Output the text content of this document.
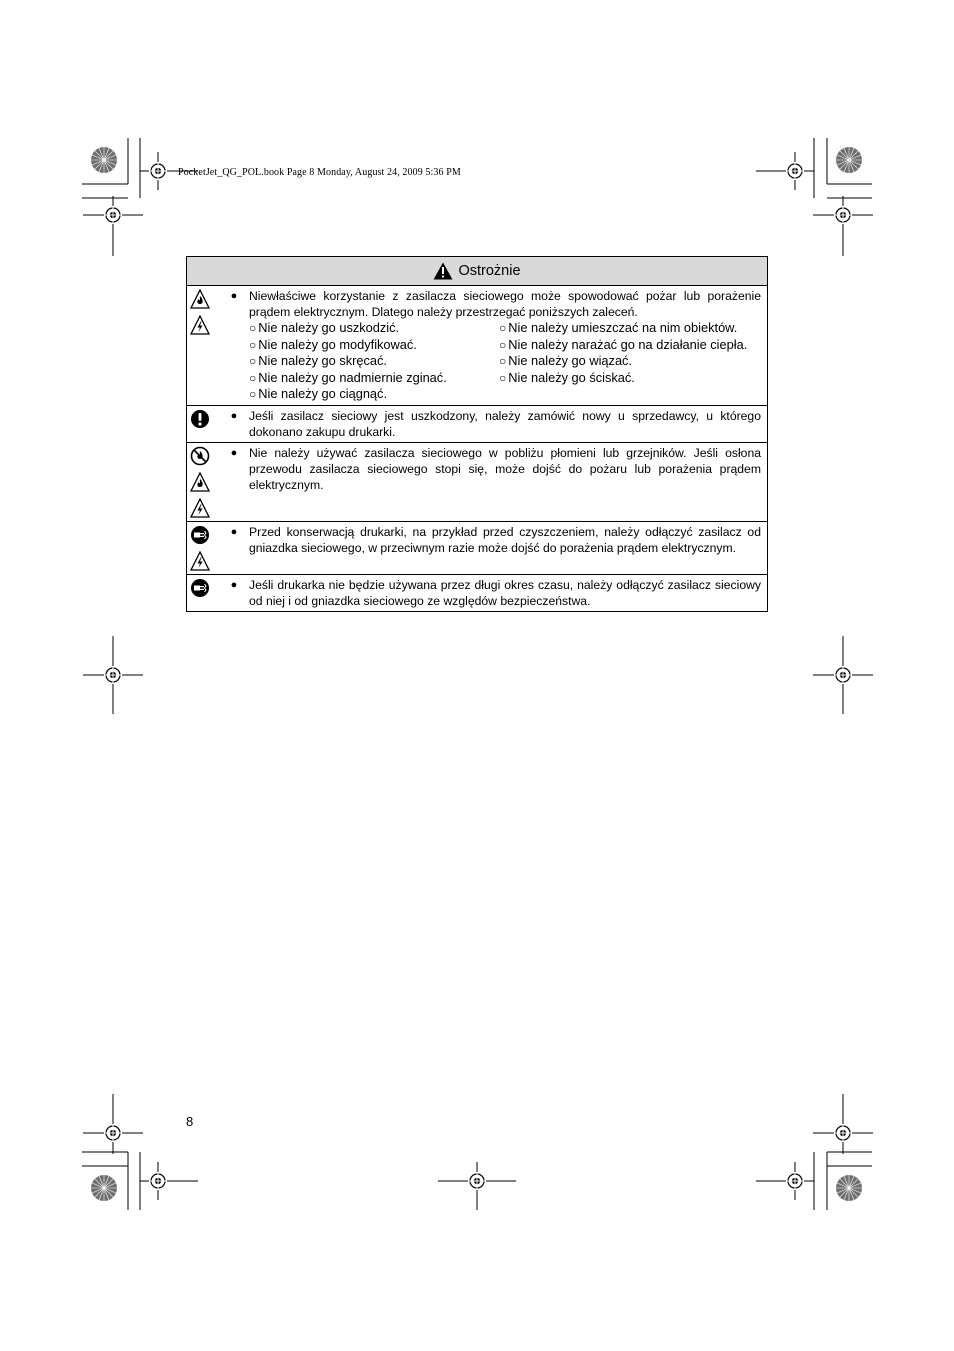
PocketJet_QG_POL.book Page 8 Monday, August 24, 2009 5:36 PM
Ostrożnie
● Niewłaściwe korzystanie z zasilacza sieciowego może spowodować pożar lub porażenie prądem elektrycznym. Dlatego należy przestrzegać poniższych zaleceń.
○ Nie należy go uszkodzić.	○ Nie należy umieszczać na nim obiektów.
○ Nie należy go modyfikować.	○ Nie należy narażać go na działanie ciepła.
○ Nie należy go skręcać.	○ Nie należy go wiązać.
○ Nie należy go nadmiernie zginać.	○ Nie należy go ściskać.
○ Nie należy go ciągnąć.
● Jeśli zasilacz sieciowy jest uszkodzony, należy zamówić nowy u sprzedawcy, u którego dokonano zakupu drukarki.
● Nie należy używać zasilacza sieciowego w pobliżu płomieni lub grzejników. Jeśli osłona przewodu zasilacza sieciowego stopi się, może dojść do pożaru lub porażenia prądem elektrycznym.
● Przed konserwacją drukarki, na przykład przed czyszczeniem, należy odłączyć zasilacz od gniazdka sieciowego, w przeciwnym razie może dojść do porażenia prądem elektrycznym.
● Jeśli drukarka nie będzie używana przez długi okres czasu, należy odłączyć zasilacz sieciowy od niej i od gniazdka sieciowego ze względów bezpieczeństwa.
8
